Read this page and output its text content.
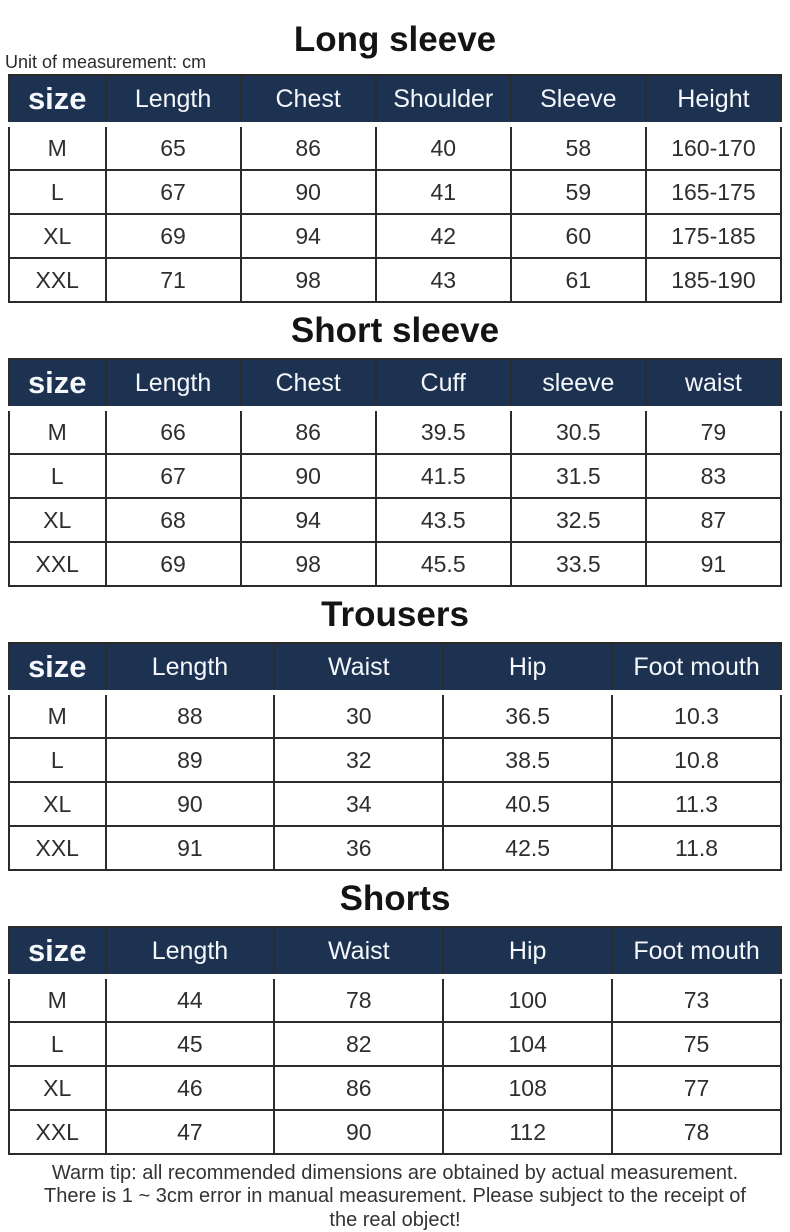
Long sleeve
Unit of measurement: cm
size	Length	Chest	Shoulder	Sleeve	Height
M	65	86	40	58	160-170
L	67	90	41	59	165-175
XL	69	94	42	60	175-185
XXL	71	98	43	61	185-190
Short sleeve
size	Length	Chest	Cuff	sleeve	waist
M	66	86	39.5	30.5	79
L	67	90	41.5	31.5	83
XL	68	94	43.5	32.5	87
XXL	69	98	45.5	33.5	91
Trousers
size	Length	Waist	Hip	Foot mouth
M	88	30	36.5	10.3
L	89	32	38.5	10.8
XL	90	34	40.5	11.3
XXL	91	36	42.5	11.8
Shorts
size	Length	Waist	Hip	Foot mouth
M	44	78	100	73
L	45	82	104	75
XL	46	86	108	77
XXL	47	90	112	78
Warm tip: all recommended dimensions are obtained by actual measurement.
There is 1 ~ 3cm error in manual measurement. Please subject to the receipt of
the real object!
